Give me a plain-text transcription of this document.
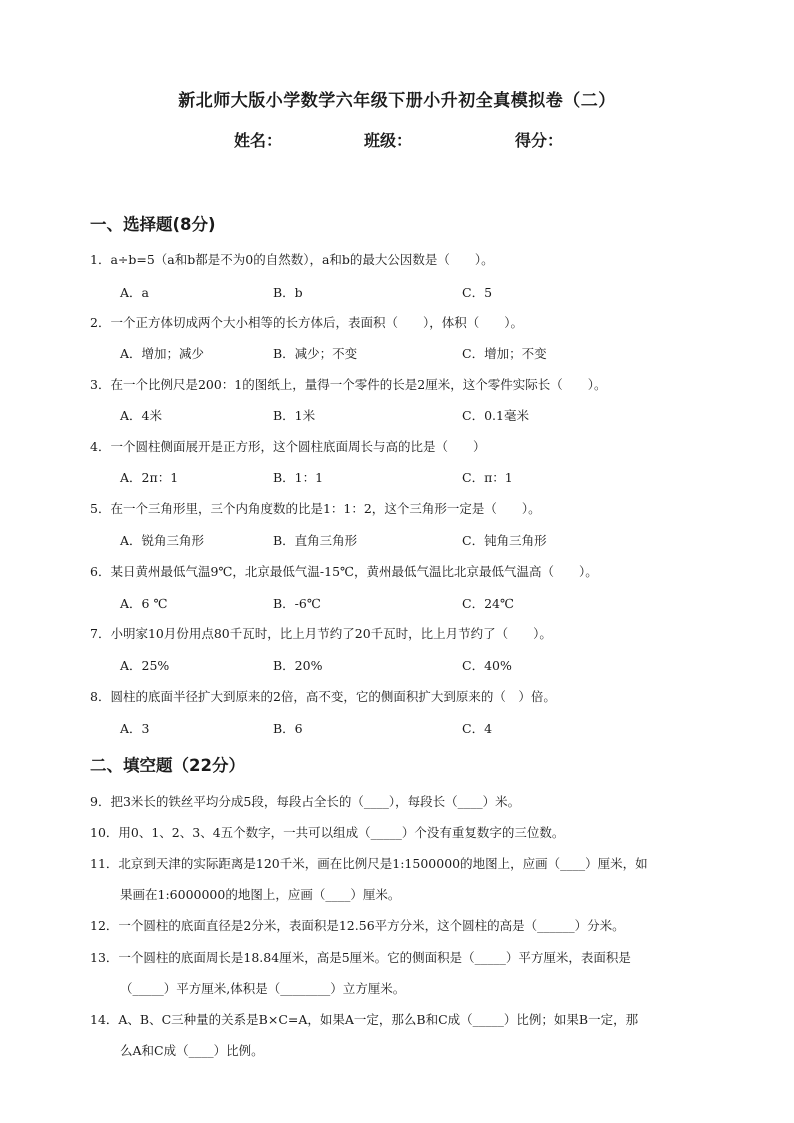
新北师大版小学数学六年级下册小升初全真模拟卷（二）
姓名：	班级：	得分：
一、选择题(8分)
1．a÷b=5（a和b都是不为0的自然数），a和b的最大公因数是（　　）。
A．a	B．b	C．5
2．一个正方体切成两个大小相等的长方体后，表面积（　　），体积（　　）。
A．增加；减少	B．减少；不变	C．增加；不变
3．在一个比例尺是200：1的图纸上，量得一个零件的长是2厘米，这个零件实际长（　　）。
A．4米	B．1米	C．0.1毫米
4．一个圆柱侧面展开是正方形，这个圆柱底面周长与高的比是（　　）
A．2π：1	B．1：1	C．π：1
5．在一个三角形里，三个内角度数的比是1：1：2，这个三角形一定是（　　）。
A．锐角三角形	B．直角三角形	C．钝角三角形
6．某日黄州最低气温9℃，北京最低气温-15℃，黄州最低气温比北京最低气温高（　　）。
A．6 ℃	B．-6℃	C．24℃
7．小明家10月份用点80千瓦时，比上月节约了20千瓦时，比上月节约了（　　）。
A．25%	B．20%	C．40%
8．圆柱的底面半径扩大到原来的2倍，高不变，它的侧面积扩大到原来的（　）倍。
A．3	B．6	C．4
二、填空题（22分）
9．把3米长的铁丝平均分成5段，每段占全长的（____），每段长（____）米。
10．用0、1、2、3、4五个数字，一共可以组成（_____）个没有重复数字的三位数。
11．北京到天津的实际距离是120千米，画在比例尺是1:1500000的地图上，应画（____）厘米，如
果画在1:6000000的地图上，应画（____）厘米。
12．一个圆柱的底面直径是2分米，表面积是12.56平方分米，这个圆柱的高是（______）分米。
13．一个圆柱的底面周长是18.84厘米，高是5厘米。它的侧面积是（_____）平方厘米，表面积是
（_____）平方厘米,体积是（________）立方厘米。
14．A、B、C三种量的关系是B×C=A，如果A一定，那么B和C成（_____）比例；如果B一定，那
么A和C成（____）比例。
